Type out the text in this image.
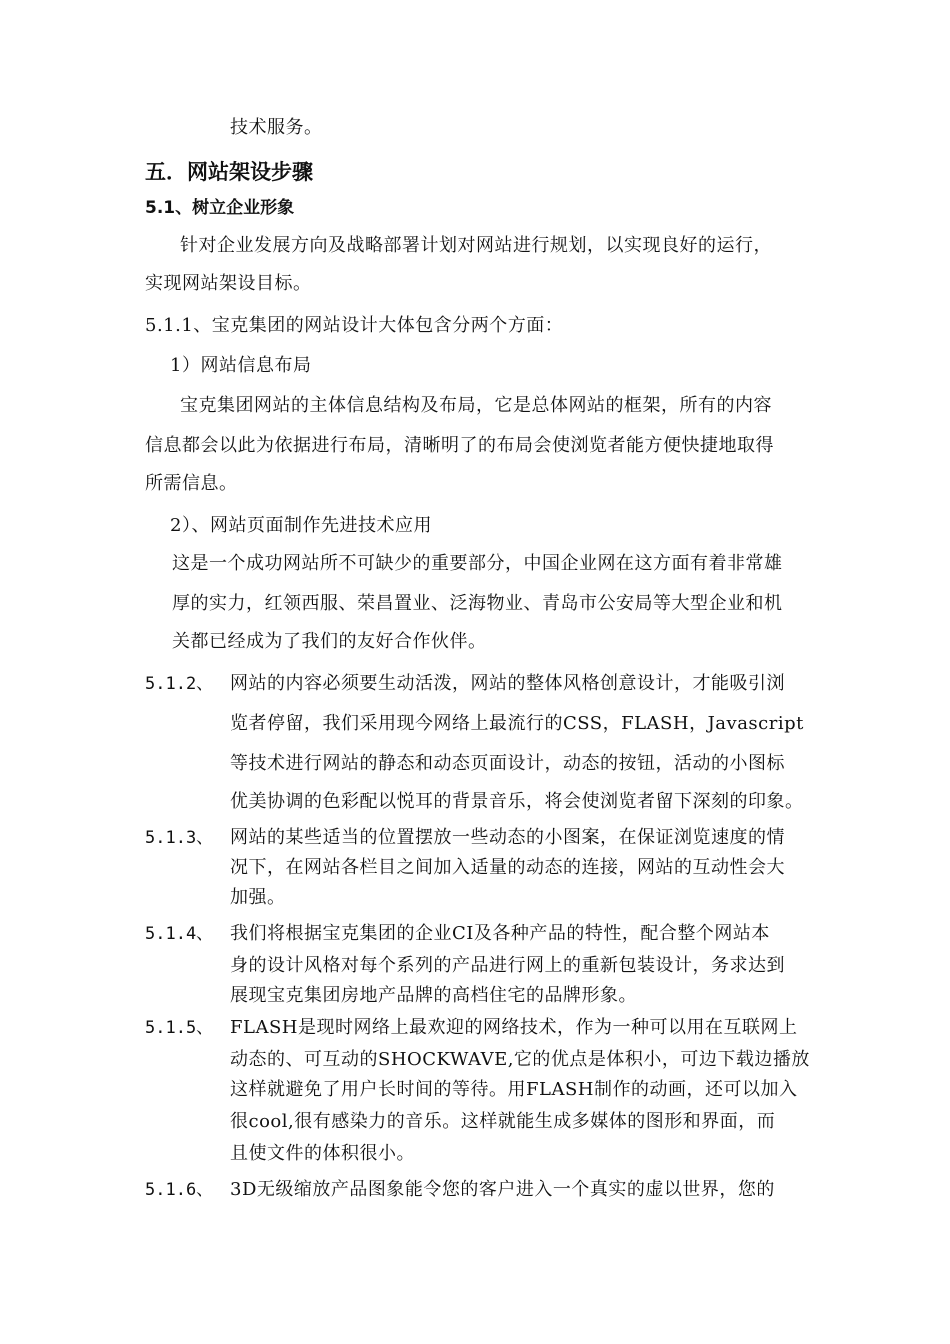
技术服务。
五．网站架设步骤
5.1、树立企业形象
针对企业发展方向及战略部署计划对网站进行规划，以实现良好的运行，
实现网站架设目标。
5.1.1、宝克集团的网站设计大体包含分两个方面：
1）网站信息布局
宝克集团网站的主体信息结构及布局，它是总体网站的框架，所有的内容
信息都会以此为依据进行布局，清晰明了的布局会使浏览者能方便快捷地取得
所需信息。
2）、网站页面制作先进技术应用
这是一个成功网站所不可缺少的重要部分，中国企业网在这方面有着非常雄
厚的实力，红领西服、荣昌置业、泛海物业、青岛市公安局等大型企业和机
关都已经成为了我们的友好合作伙伴。
5.1.2、 网站的内容必须要生动活泼，网站的整体风格创意设计，才能吸引浏
览者停留，我们采用现今网络上最流行的CSS，FLASH，Javascript
等技术进行网站的静态和动态页面设计，动态的按钮，活动的小图标
优美协调的色彩配以悦耳的背景音乐，将会使浏览者留下深刻的印象。
5.1.3、 网站的某些适当的位置摆放一些动态的小图案，在保证浏览速度的情
况下，在网站各栏目之间加入适量的动态的连接，网站的互动性会大
加强。
5.1.4、 我们将根据宝克集团的企业CI及各种产品的特性，配合整个网站本
身的设计风格对每个系列的产品进行网上的重新包装设计，务求达到
展现宝克集团房地产品牌的高档住宅的品牌形象。
5.1.5、 FLASH是现时网络上最欢迎的网络技术，作为一种可以用在互联网上
动态的、可互动的SHOCKWAVE,它的优点是体积小，可边下载边播放
这样就避免了用户长时间的等待。用FLASH制作的动画，还可以加入
很cool,很有感染力的音乐。这样就能生成多媒体的图形和界面，而
且使文件的体积很小。
5.1.6、 3D无级缩放产品图象能令您的客户进入一个真实的虚以世界，您的
